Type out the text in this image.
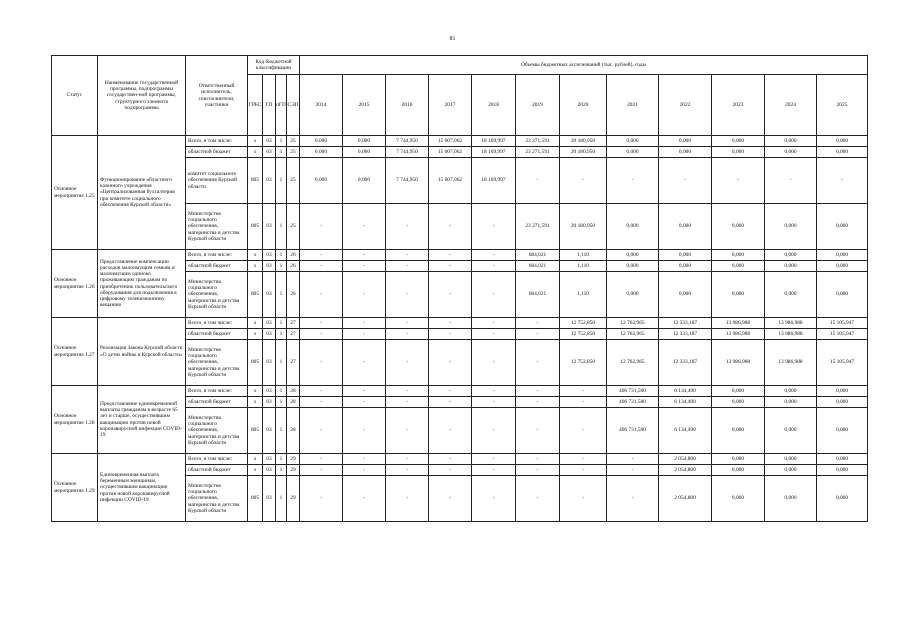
81
Статус	Наименование государственной программы, подпрограммы государствен-ной программы, структурного элемента подпрограммы	Ответственный исполнитель, соисполнители, участники	Код бюджетной классификации				Объемы бюджетных ассигнований (тыс. рублей), годы											
			ГРБС	ГП	пГП	СЭП	2014	2015	2016	2017	2018	2019	2020	2021	2022	2023	2024	2025
Основное мероприятие 1.25	Функционирование областного казенного учреждения «Централизованная бухгалтерия при комитете социального обеспечения Курской области»	Всего, в том числе:	х	03	1	25	0,000	0,000	7 744,950	15 607,062	18 169,997	23 271,591	20 180,950	0,000	0,000	0,000	0,000	0,000
		областной бюджет	х	03	1	25	0,000	0,000	7 744,950	15 607,062	18 169,997	23 271,591	20 180,950	0,000	0,000	0,000	0,000	0,000
		комитет социального обеспечения Курской области	805	03	1	25	0,000	0,000	7 744,950	15 607,062	18 169,997	-	-	-	-	-	-	-
		Министерство социального обеспечения, материнства и детства Курской области	805	03	1	25	-	-	-	-	-	23 271,591	20 180,950	0,000	0,000	0,000	0,000	0,000
Основное мероприятие 1.26	Предоставление компенсации расходов малоимущим семьям и малоимущим одиноко проживающим гражданам по приобретению пользовательского оборудования для подключения к цифровому телевизионному вещанию	Всего, в том числе:	х	03	1	26	-	-	-	-	-	684,021	1,110	0,000	0,000	0,000	0,000	0,000
		областной бюджет	х	03	1	26	-	-	-	-	-	684,021	1,110	0,000	0,000	0,000	0,000	0,000
		Министерство социального обеспечения, материнства и детства Курской области	805	03	1	26	-	-	-	-	-	684,021	1,110	0,000	0,000	0,000	0,000	0,000
Основное мероприятие 1.27	Реализация Закона Курской области «О детях войны в Курской области»	Всего, в том числе:	х	03	1	27	-	-	-	-	-	-	12 752,850	12 762,965	12 333,187	13 986,988	13 986,988	15 105,947
		областной бюджет	х	03	1	27	-	-	-	-	-	-	12 752,850	12 762,965	12 333,187	13 986,988	13 986,988	15 105,947
		Министерство социального обеспечения, материнства и детства Курской области	805	03	1	27	-	-	-	-	-	-	12 752,850	12 762,965	12 333,187	13 986,988	13 986,988	15 105,947
Основное мероприятие 1.28	Предоставление единовременной выплаты гражданам в возрасте 65 лет и старше, осуществившим вакцинацию против новой коронавирусной инфекции COVID-19	Всего, в том числе:	х	03	1	28	-	-	-	-	-	-	-	406 731,500	6 134,490	0,000	0,000	0,000
		областной бюджет	х	03	1	28	-	-	-	-	-	-	-	406 731,500	6 134,490	0,000	0,000	0,000
		Министерство социального обеспечения, материнства и детства Курской области	805	03	1	28	-	-	-	-	-	-	-	406 731,500	6 134,490	0,000	0,000	0,000
Основное мероприятие 1.29	Единовременная выплата беременным женщинам, осуществившим вакцинацию против новой коронавирусной инфекции COVID-19	Всего, в том числе:	х	03	1	29	-	-	-	-	-	-	-	-	2 054,800	0,000	0,000	0,000
		областной бюджет	х	03	1	29	-	-	-	-	-	-	-	-	2 054,800	0,000	0,000	0,000
		Министерство социального обеспечения, материнства и детства Курской области	805	03	1	29	-	-	-	-	-	-	-	-	2 054,800	0,000	0,000	0,000
